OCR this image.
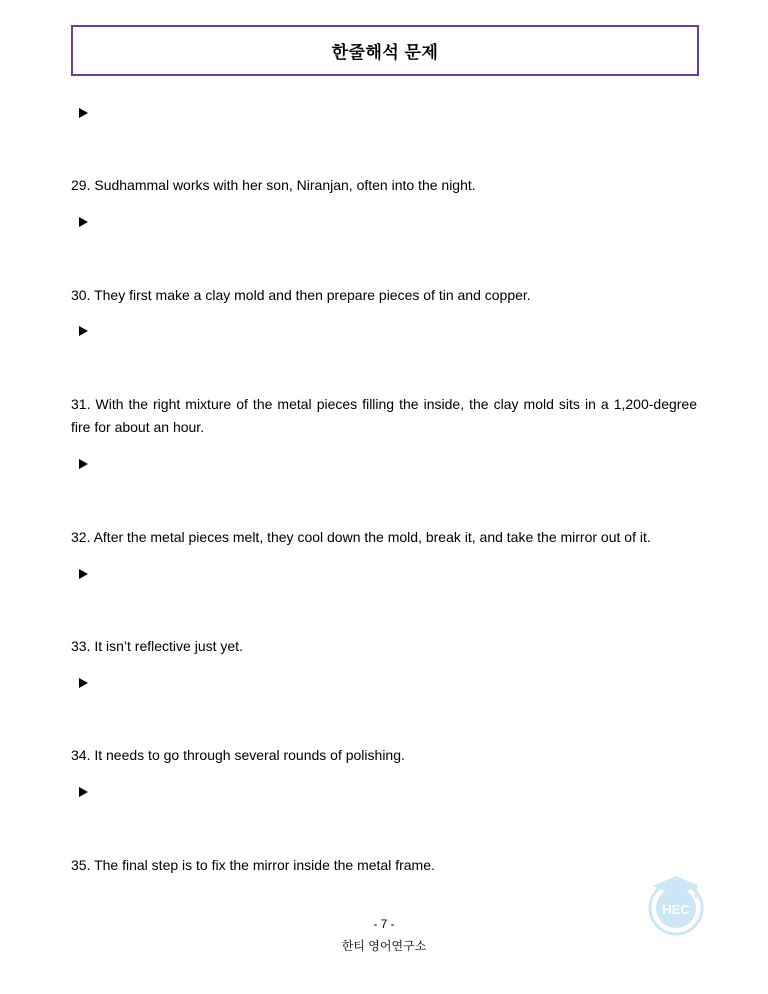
한줄해석 문제
29. Sudhammal works with her son, Niranjan, often into the night.
30. They first make a clay mold and then prepare pieces of tin and copper.
31. With the right mixture of the metal pieces filling the inside, the clay mold sits in a 1,200-degree fire for about an hour.
32. After the metal pieces melt, they cool down the mold, break it, and take the mirror out of it.
33. It isn’t reflective just yet.
34. It needs to go through several rounds of polishing.
35. The final step is to fix the mirror inside the metal frame.
HEC
- 7 -
한티 영어연구소
